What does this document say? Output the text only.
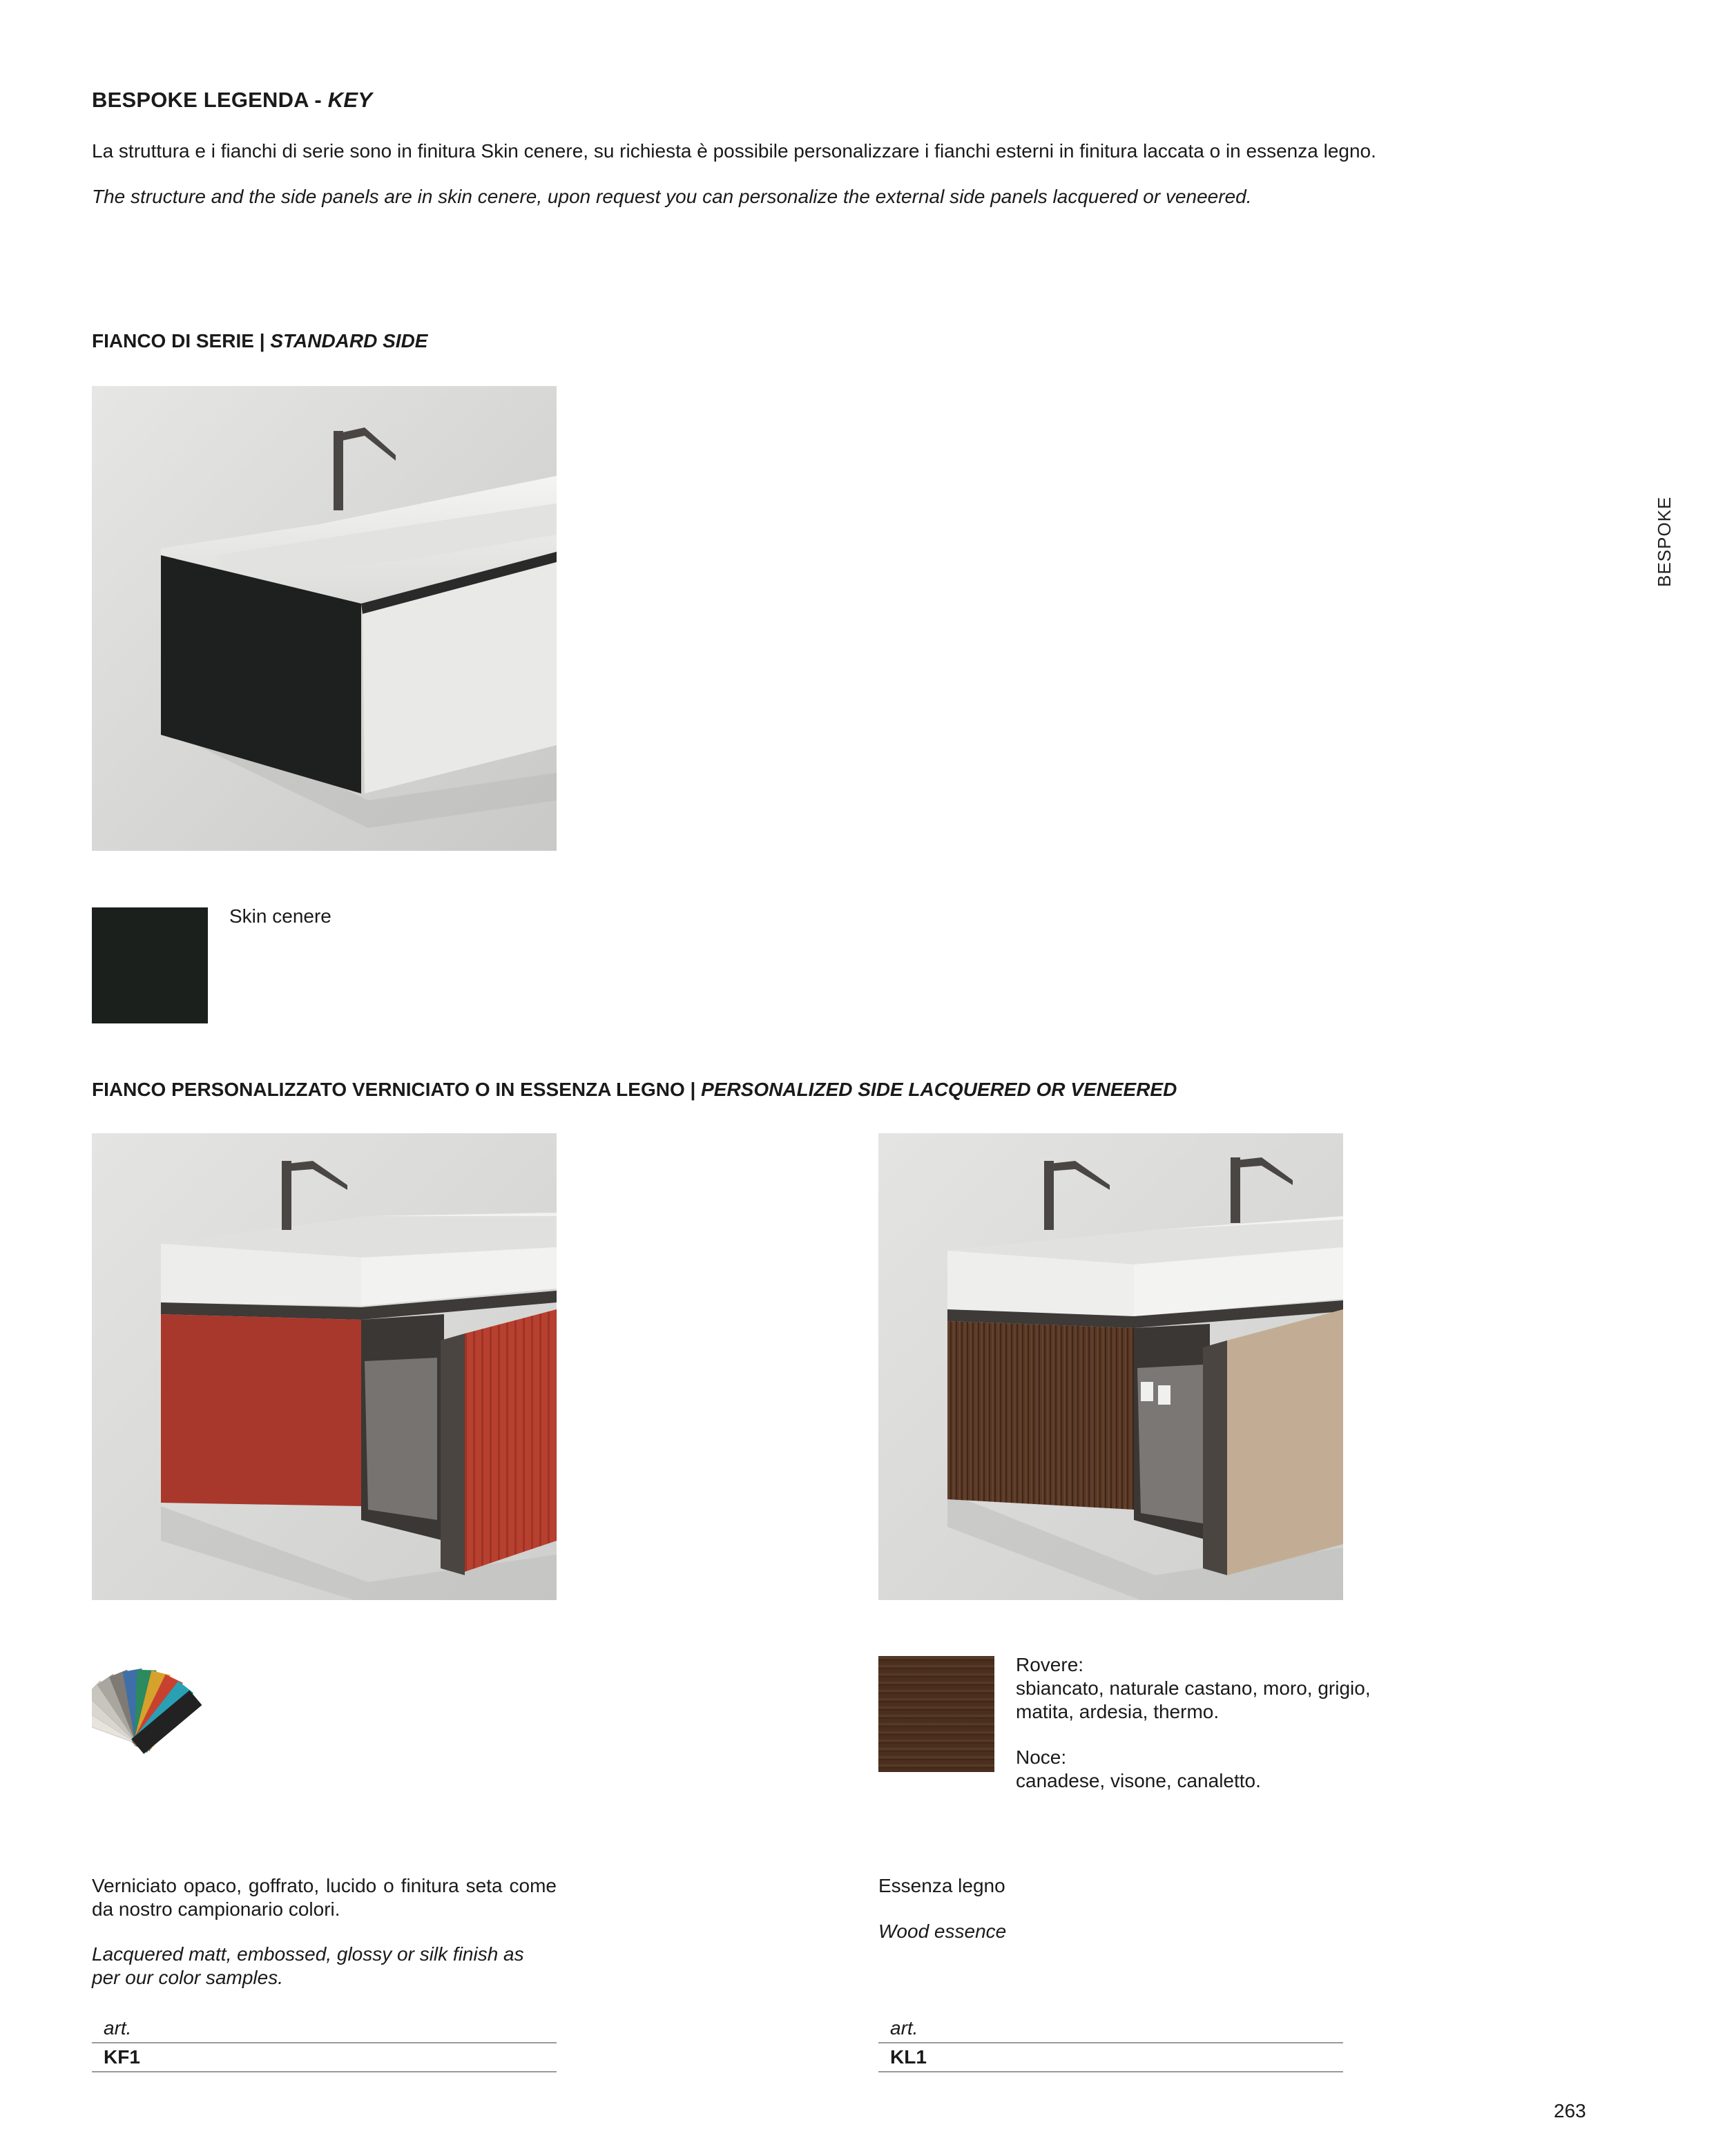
BESPOKE LEGENDA - KEY
La struttura e i fianchi di serie sono in finitura Skin cenere, su richiesta è possibile personalizzare i fianchi esterni in finitura laccata o in essenza legno.
The structure and the side panels are in skin cenere, upon request you can personalize the external side panels lacquered or veneered.
BESPOKE
FIANCO DI SERIE | STANDARD SIDE
Skin cenere
FIANCO PERSONALIZZATO VERNICIATO O IN ESSENZA LEGNO | PERSONALIZED SIDE LACQUERED OR VENEERED
Rovere:
sbiancato, naturale castano, moro, grigio, matita, ardesia, thermo.
Noce:
canadese, visone, canaletto.
Verniciato opaco, goffrato, lucido o finitura seta come da nostro campionario colori.
Lacquered matt, embossed, glossy or silk finish as per our color samples.
art.
KF1
Essenza legno
Wood essence
art.
KL1
263
